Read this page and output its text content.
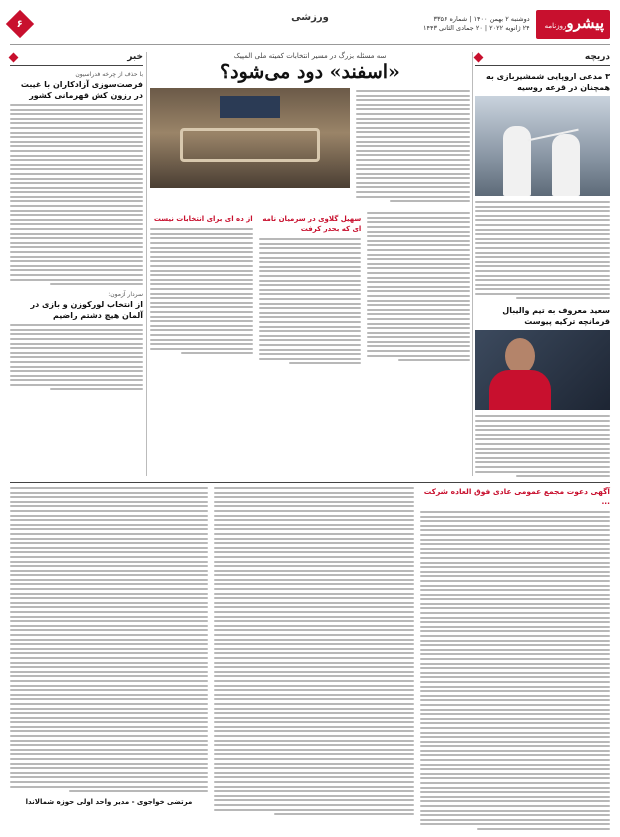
پیشروروزنامه
دوشنبه ۲ بهمن ۱۴۰۰ | شماره ۳۳۵۶
۲۴ ژانویه ۲۰۲۲ | ۲۰ جمادی الثانی ۱۴۴۳
۶
ورزشی
دریچه
۳ مدعی اروپایی شمشیربازی به همچنان در قرعه روسیه
سعید معروف به تیم والیبال قرمانچه ترکیه پیوست
سه مسئله بزرگ در مسیر انتخابات کمیته ملی المپیک
«اسفند» دود می‌شود؟
سهیل گلاوی در سرمیان نامه ای که بحدر کرفت
از ده ای برای انتخابات نیست
خبر
با حذف از چرخه فدراسیون
فرصت‌سوزی آزادکاران با غیبت در رزون کش قهرمانی کشور
سردار آزمون:
از انتخاب لورکوزن و بازی در آلمان هیچ دشتم راضیم
آگهی دعوت مجمع عمومی عادی فوق العاده شرکت ...
مرتضی خواجوی - مدیر واحد اولی حوزه شمالاندا
